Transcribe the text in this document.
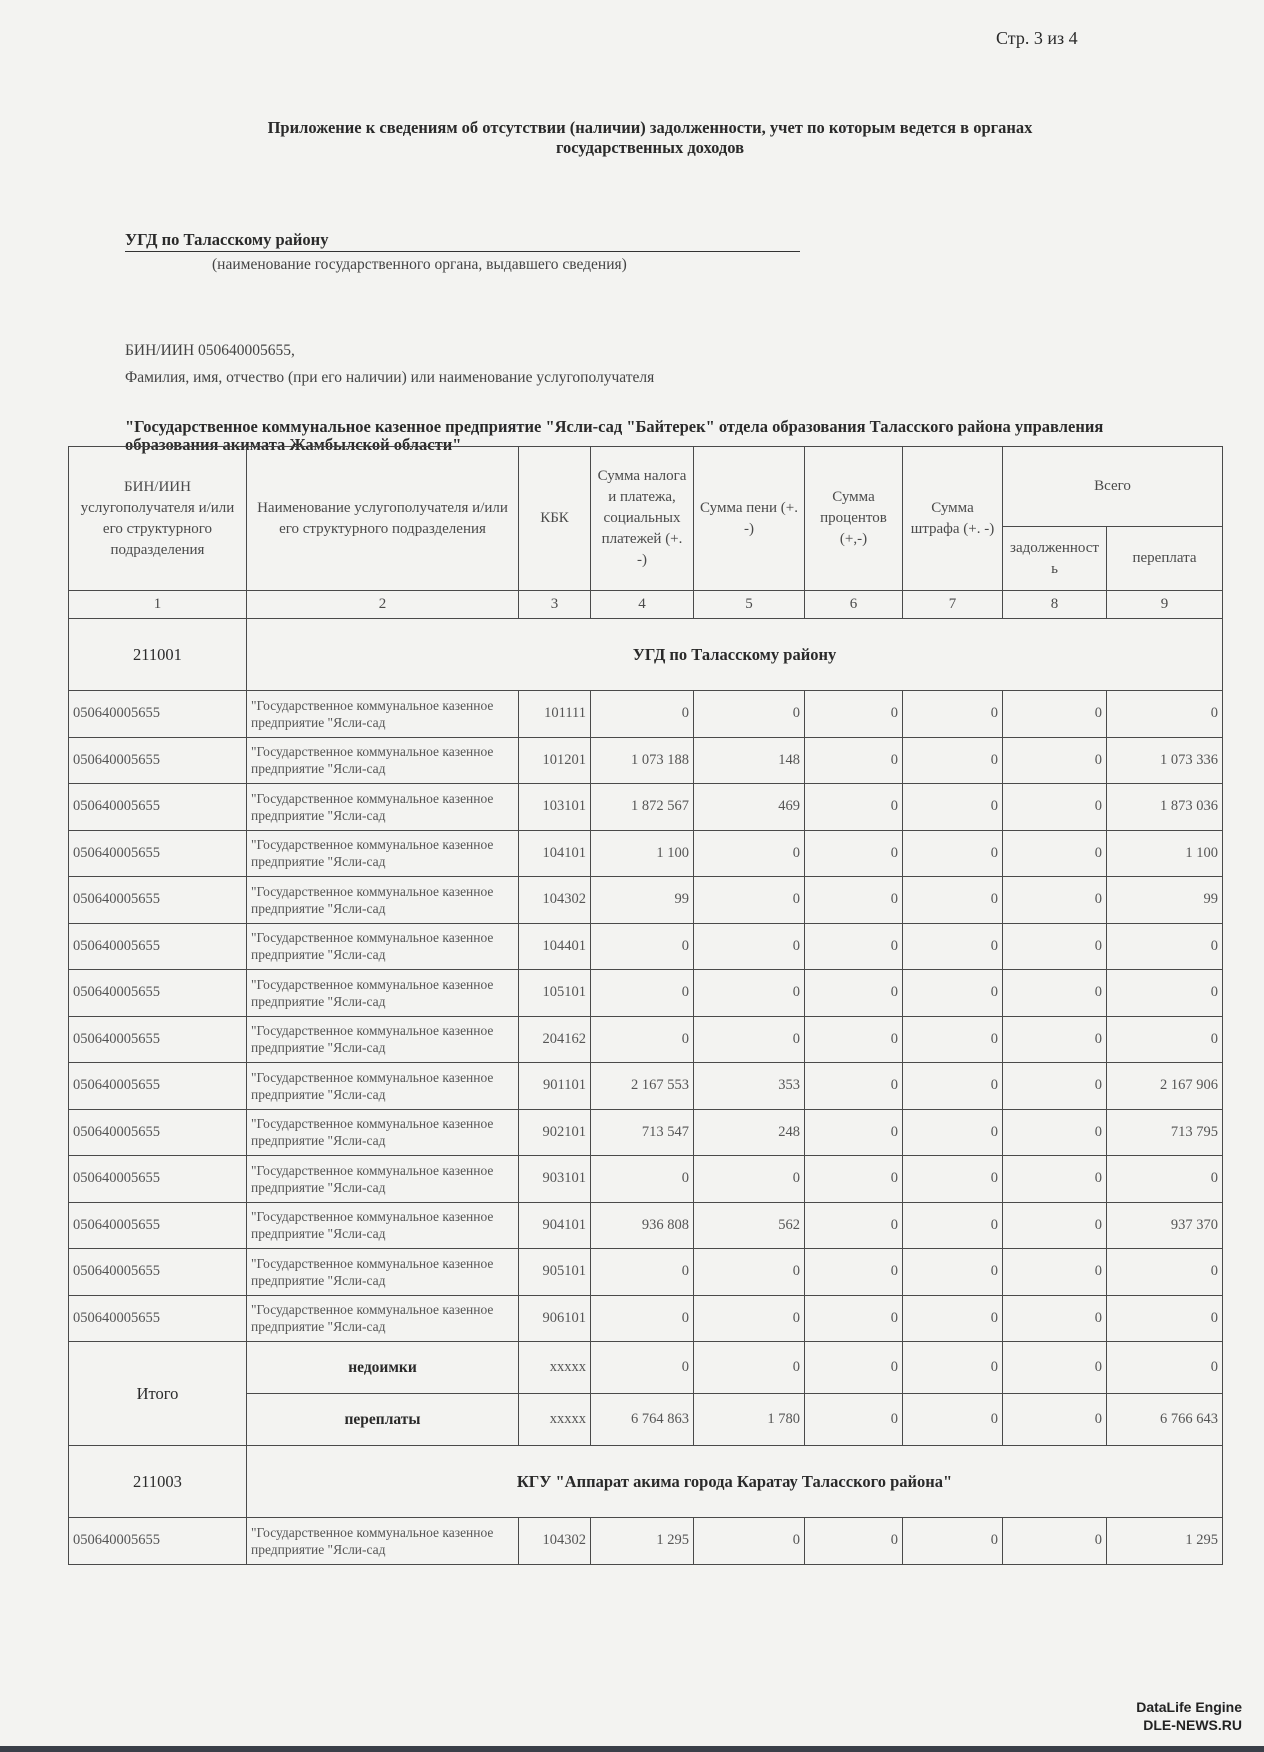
Стр. 3 из 4
Приложение к сведениям об отсутствии (наличии) задолженности, учет по которым ведется в органах государственных доходов
УГД по Таласскому району
(наименование государственного органа, выдавшего сведения)
БИН/ИИН 050640005655,
Фамилия, имя, отчество (при его наличии) или наименование услугополучателя
"Государственное коммунальное казенное предприятие "Ясли-сад "Байтерек" отдела образования Таласского района управления образования акимата Жамбылской области"
БИН/ИИН услугополучателя и/или его структурного подразделения	Наименование услугополучателя и/или его структурного подразделения	КБК	Сумма налога и платежа, социальных платежей (+. -)	Сумма пени (+. -)	Сумма процентов (+,-)	Сумма штрафа (+. -)	Всего	
							задолженность	переплата
1	2	3	4	5	6	7	8	9
211001	УГД по Таласскому району							
050640005655	"Государственное коммунальное казенное предприятие "Ясли-сад	101111	0	0	0	0	0	0
050640005655	"Государственное коммунальное казенное предприятие "Ясли-сад	101201	1 073 188	148	0	0	0	1 073 336
050640005655	"Государственное коммунальное казенное предприятие "Ясли-сад	103101	1 872 567	469	0	0	0	1 873 036
050640005655	"Государственное коммунальное казенное предприятие "Ясли-сад	104101	1 100	0	0	0	0	1 100
050640005655	"Государственное коммунальное казенное предприятие "Ясли-сад	104302	99	0	0	0	0	99
050640005655	"Государственное коммунальное казенное предприятие "Ясли-сад	104401	0	0	0	0	0	0
050640005655	"Государственное коммунальное казенное предприятие "Ясли-сад	105101	0	0	0	0	0	0
050640005655	"Государственное коммунальное казенное предприятие "Ясли-сад	204162	0	0	0	0	0	0
050640005655	"Государственное коммунальное казенное предприятие "Ясли-сад	901101	2 167 553	353	0	0	0	2 167 906
050640005655	"Государственное коммунальное казенное предприятие "Ясли-сад	902101	713 547	248	0	0	0	713 795
050640005655	"Государственное коммунальное казенное предприятие "Ясли-сад	903101	0	0	0	0	0	0
050640005655	"Государственное коммунальное казенное предприятие "Ясли-сад	904101	936 808	562	0	0	0	937 370
050640005655	"Государственное коммунальное казенное предприятие "Ясли-сад	905101	0	0	0	0	0	0
050640005655	"Государственное коммунальное казенное предприятие "Ясли-сад	906101	0	0	0	0	0	0
Итого	недоимки	ххххх	0	0	0	0	0	0
	переплаты	ххххх	6 764 863	1 780	0	0	0	6 766 643
211003	КГУ "Аппарат акима города Каратау Таласского района"							
050640005655	"Государственное коммунальное казенное предприятие "Ясли-сад	104302	1 295	0	0	0	0	1 295
DataLife Engine
DLE-NEWS.RU
